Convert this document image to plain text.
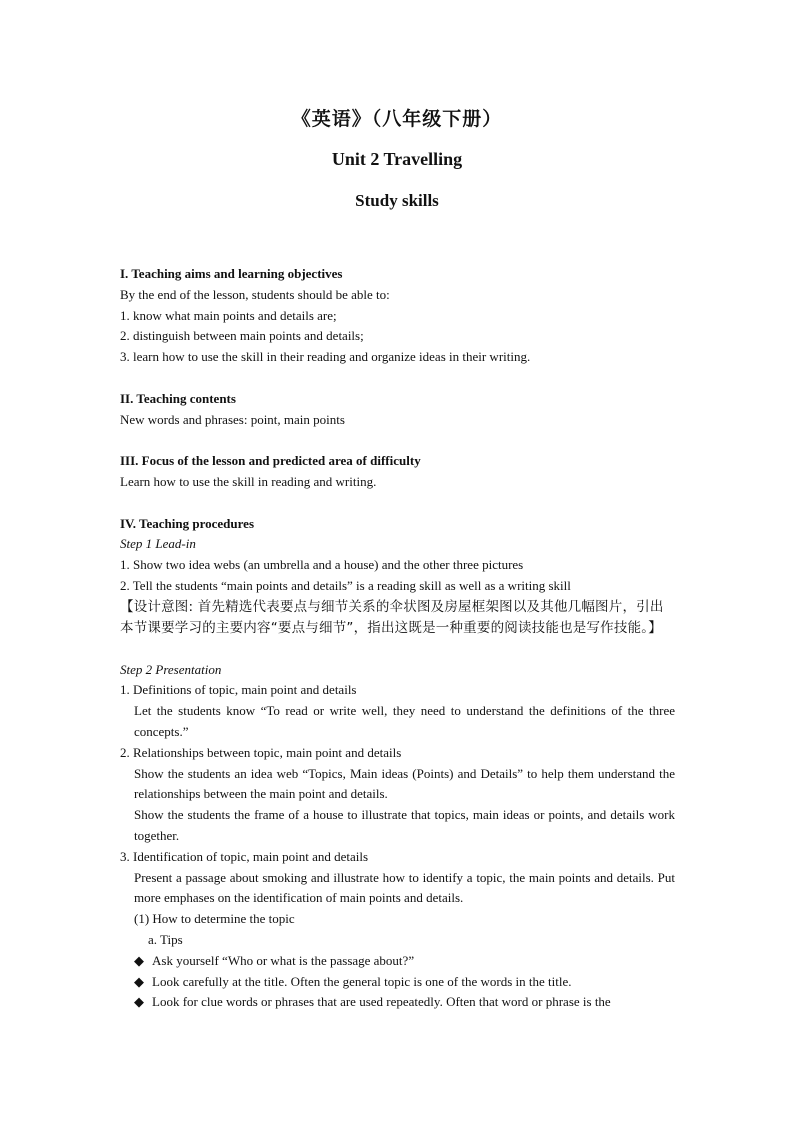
《英语》（八年级下册）
Unit 2 Travelling
Study skills

I. Teaching aims and learning objectives

By the end of the lesson, students should be able to:

1. know what main points and details are;

2. distinguish between main points and details;

3. learn how to use the skill in their reading and organize ideas in their writing.

II. Teaching contents

New words and phrases: point, main points

III. Focus of the lesson and predicted area of difficulty

Learn how to use the skill in reading and writing.

IV. Teaching procedures

Step 1 Lead-in

1. Show two idea webs (an umbrella and a house) and the other three pictures

2. Tell the students “main points and details” is a reading skill as well as a writing skill

【设计意图: 首先精选代表要点与细节关系的伞状图及房屋框架图以及其他几幅图片，引出本节课要学习的主要内容“要点与细节”，指出这既是一种重要的阅读技能也是写作技能。】

Step 2 Presentation

1. Definitions of topic, main point and details

Let the students know “To read or write well, they need to understand the definitions of the three concepts.”

2. Relationships between topic, main point and details

Show the students an idea web “Topics, Main ideas (Points) and Details” to help them understand the relationships between the main point and details.

Show the students the frame of a house to illustrate that topics, main ideas or points, and details work together.

3. Identification of topic, main point and details

Present a passage about smoking and illustrate how to identify a topic, the main points and details. Put more emphases on the identification of main points and details.

(1) How to determine the topic

a. Tips

◆ Ask yourself “Who or what is the passage about?”

◆ Look carefully at the title. Often the general topic is one of the words in the title.

◆ Look for clue words or phrases that are used repeatedly. Often that word or phrase is the
